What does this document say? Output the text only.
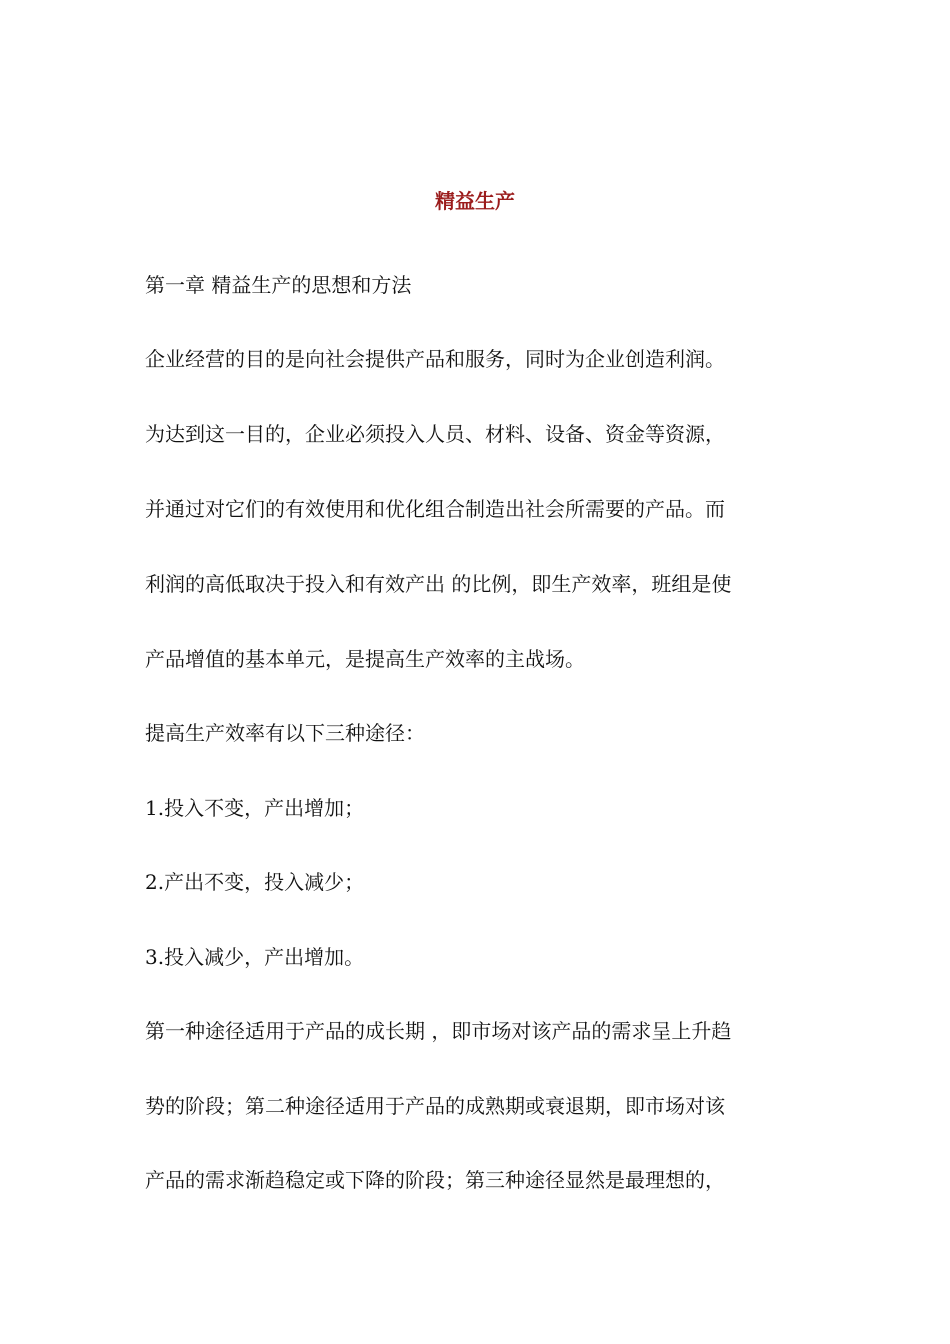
精益生产

第一章 精益生产的思想和方法

企业经营的目的是向社会提供产品和服务，同时为企业创造利润。

为达到这一目的，企业必须投入人员、材料、设备、资金等资源，

并通过对它们的有效使用和优化组合制造出社会所需要的产品。而

利润的高低取决于投入和有效产出 的比例，即生产效率，班组是使

产品增值的基本单元，是提高生产效率的主战场。

提高生产效率有以下三种途径：

1.投入不变，产出增加；

2.产出不变，投入减少；

3.投入减少，产出增加。

第一种途径适用于产品的成长期 ，即市场对该产品的需求呈上升趋

势的阶段；第二种途径适用于产品的成熟期或衰退期，即市场对该

产品的需求渐趋稳定或下降的阶段；第三种途径显然是最理想的，
